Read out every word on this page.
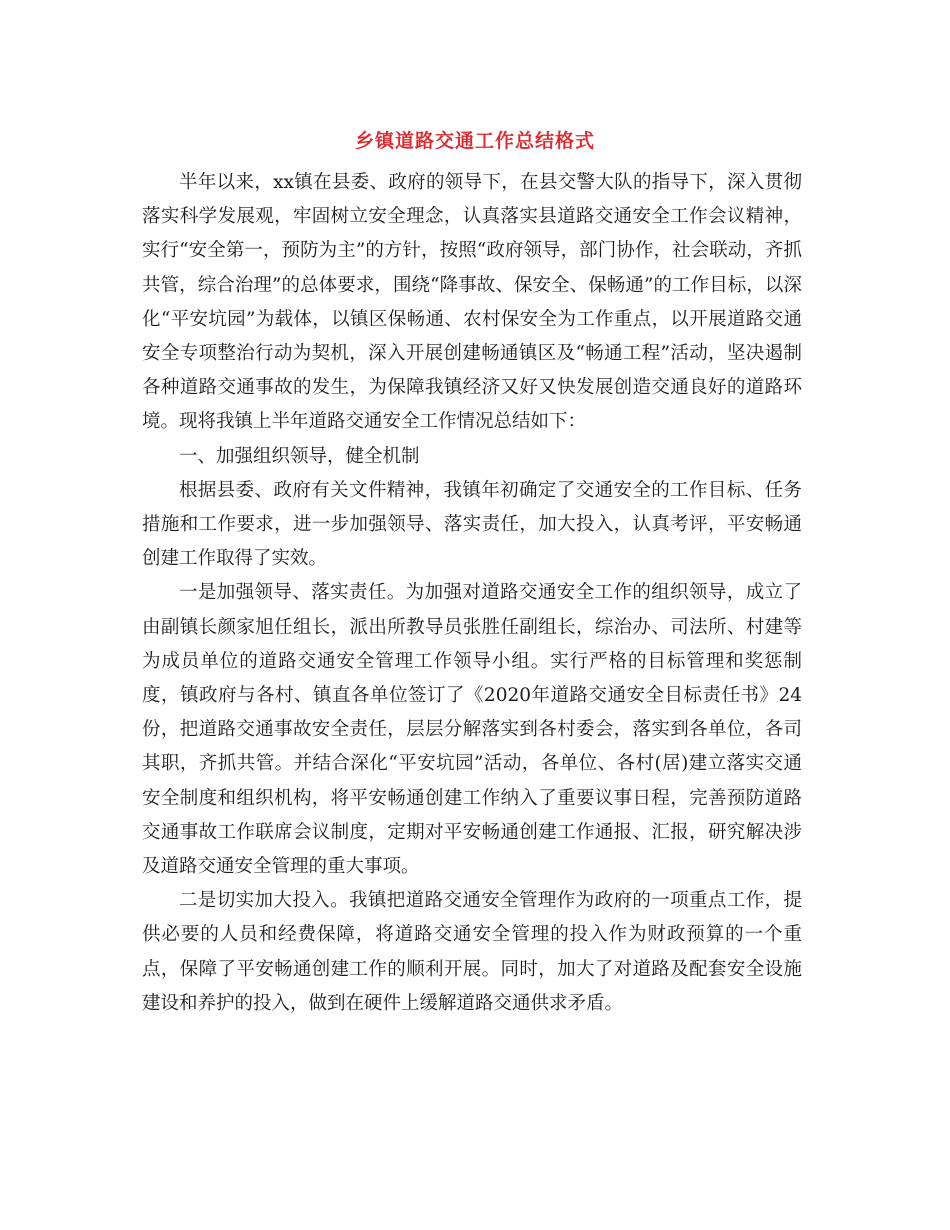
乡镇道路交通工作总结格式

半年以来，xx镇在县委、政府的领导下，在县交警大队的指导下，深入贯彻落实科学发展观，牢固树立安全理念，认真落实县道路交通安全工作会议精神，实行“安全第一，预防为主”的方针，按照“政府领导，部门协作，社会联动，齐抓共管，综合治理”的总体要求，围绕“降事故、保安全、保畅通”的工作目标，以深化“平安坑园”为载体，以镇区保畅通、农村保安全为工作重点，以开展道路交通安全专项整治行动为契机，深入开展创建畅通镇区及“畅通工程”活动，坚决遏制各种道路交通事故的发生，为保障我镇经济又好又快发展创造交通良好的道路环境。现将我镇上半年道路交通安全工作情况总结如下：

一、加强组织领导，健全机制

根据县委、政府有关文件精神，我镇年初确定了交通安全的工作目标、任务措施和工作要求，进一步加强领导、落实责任，加大投入，认真考评，平安畅通创建工作取得了实效。

一是加强领导、落实责任。为加强对道路交通安全工作的组织领导，成立了由副镇长颜家旭任组长，派出所教导员张胜任副组长，综治办、司法所、村建等为成员单位的道路交通安全管理工作领导小组。实行严格的目标管理和奖惩制度，镇政府与各村、镇直各单位签订了《2020年道路交通安全目标责任书》24份，把道路交通事故安全责任，层层分解落实到各村委会，落实到各单位，各司其职，齐抓共管。并结合深化“平安坑园”活动，各单位、各村(居)建立落实交通安全制度和组织机构，将平安畅通创建工作纳入了重要议事日程，完善预防道路交通事故工作联席会议制度，定期对平安畅通创建工作通报、汇报，研究解决涉及道路交通安全管理的重大事项。

二是切实加大投入。我镇把道路交通安全管理作为政府的一项重点工作，提供必要的人员和经费保障，将道路交通安全管理的投入作为财政预算的一个重点，保障了平安畅通创建工作的顺利开展。同时，加大了对道路及配套安全设施建设和养护的投入，做到在硬件上缓解道路交通供求矛盾。
